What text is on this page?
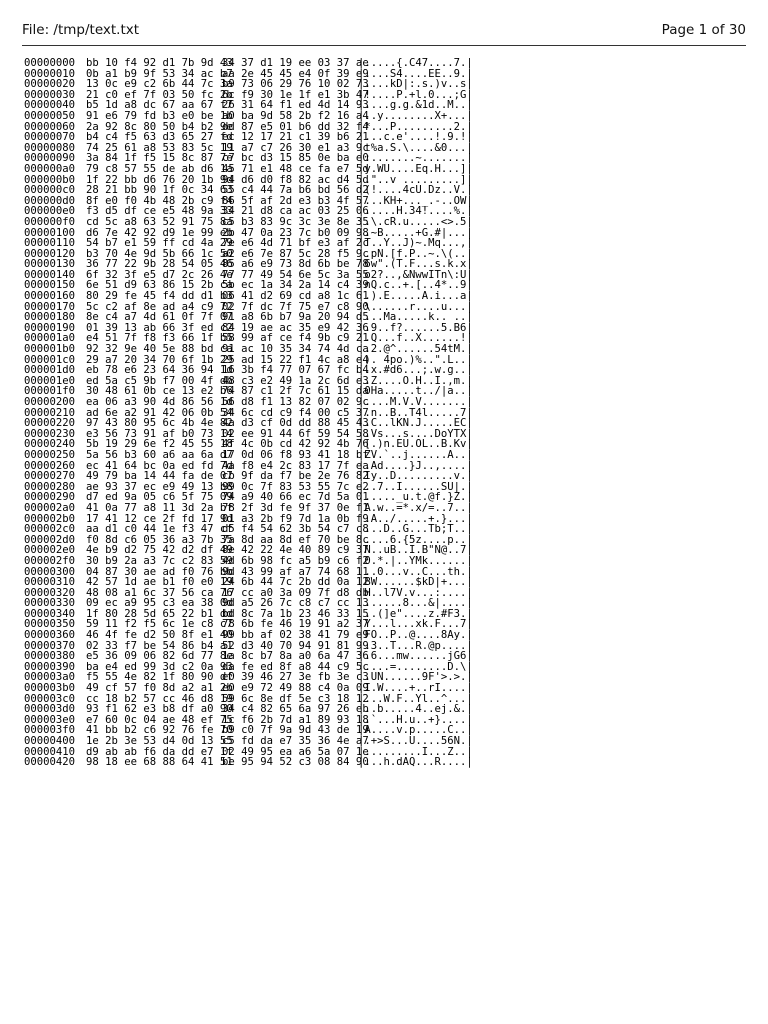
File: /tmp/text.txt	Page 1 of 30
00000000 bb 10 f4 92 d1 7b 9d 4334 37 d1 19 ee 03 37 ae|.....{.C47....7.|
00000010 0b a1 b9 9f 53 34 ac b7aa 2e 45 45 e4 0f 39 e9|....S4....EE..9.|
00000020 13 0c e9 c2 6b 44 7c 3ab9 73 06 29 76 10 02 73|....kD|:.s.)v..s|
00000030 21 c0 ef 7f 03 50 fc 2b6c f9 30 1e 1f e1 3b 47|!....P.+l.0...;G|
00000040 b5 1d a8 dc 67 aa 67 f726 31 64 f1 ed 4d 14 93|....g.g.&1d..M..|
00000050 91 e6 79 fd b3 e0 be 1ba0 ba 9d 58 2b f2 16 a4|..y........X+...|
00000060 2a 92 8c 80 50 b4 b2 9edd 87 e5 01 b6 dd 32 f4|*...P.........2.|
00000070 b4 c4 f5 63 d3 65 27 fdec 12 17 21 c1 39 b6 21|...c.e'....!.9.!|
00000080 74 25 61 a8 53 83 5c 1911 a7 c7 26 30 e1 a3 9c|t%a.S.\....&0...|
00000090 3a 84 1f f5 15 8c 87 7ec7 bc d3 15 85 0e ba e0|:.......~.......|
000000a0 79 c8 57 55 de ab d6 1a45 71 e1 48 ce fa e7 5d|y.WU....Eq.H...]|
000000b0 1f 22 bb d6 76 20 1b 9d94 d6 d0 f8 82 ac d4 5d|."..v .........]|
000000c0 28 21 bb 90 1f 0c 34 6355 c4 44 7a b6 bd 56 d2|(!....4cU.Dz..V.|
000000d0 8f e0 f0 4b 48 2b c9 f486 5f af 2d e3 b3 4f 57|...KH+..._.-..OW|
000000e0 f3 d5 df ce e5 48 9a 3334 21 d8 ca ac 03 25 06|.....H.34!....%.|
000000f0 cd 5c a8 63 52 91 75 8ac5 b3 83 9c 3c 3e 8e 35|.\.cR.u.....<>.5|
00000100 d6 7e 42 92 d9 1e 99 eb2b 47 0a 23 7c b0 09 98|.~B.....+G.#|...|
00000110 54 b7 e1 59 ff cd 4a 297e e6 4d 71 bf e3 af 2c|T..Y..J)~.Mq...,|
00000120 b3 70 4e 9d 5b 66 1c 50a2 e6 7e 87 5c 28 f5 9c|.pN.[f.P..~.\(..|
00000130 36 77 22 9b 28 54 05 4685 a6 e9 73 8d 6b be 78|6w".(T.F...s.k.x|
00000140 6f 32 3f e5 d7 2c 26 4e77 77 49 54 6e 5c 3a 55|o2?..,&NwwITn\:U|
00000150 6e 51 d9 63 86 15 2b ca5b ec 1a 34 2a 14 c4 39|nQ.c..+.[..4*..9|
00000160 80 29 fe 45 f4 dd d1 b306 41 d2 69 cd a8 1c 61|.).E.....A.i...a|
00000170 5c c2 af 8e ad a4 c9 7202 7f dc 7f 75 e7 c8 90|\......r....u...|
00000180 8e c4 a7 4d 61 0f 7f 0791 a8 6b b7 9a 20 94 d5|...Ma.....k.. ..|
00000190 01 39 13 ab 66 3f ed c284 19 ae ac 35 e9 42 36|.9..f?......5.B6|
000001a0 e4 51 7f f8 f3 66 1f b558 99 af ce f4 9b c9 21|.Q...f..X......!|
000001b0 92 32 9e 40 5e 88 bd ca91 ac 10 35 34 74 4d ca|.2.@^......54tM.|
000001c0 29 a7 20 34 70 6f 1b 2925 ad 15 22 f1 4c a8 e4|). 4po.)%..".L..|
000001d0 eb 78 e6 23 64 36 94 1d16 3b f4 77 07 67 fc b4|.x.#d6...;.w.g..|
000001e0 ed 5a c5 9b f7 00 4f db48 c3 e2 49 1a 2c 6d e3|.Z....O.H..I.,m.|
000001f0 30 48 61 0b ce 13 e2 b674 87 c1 2f 7c 61 15 da|0Ha.....t../|a..|
00000200 ea 06 a3 90 4d 86 56 1d56 d8 f1 13 82 07 02 9c|....M.V.V.......|
00000210 ad 6e a2 91 42 06 0b 5434 6c cd c9 f4 00 c5 37|.n..B..T4l.....7|
00000220 97 43 80 95 6c 4b 4e 824a d3 cf 0d dd 88 45 43|.C..lKN.J.....EC|
00000230 e3 56 73 91 af b0 73 1402 ee 91 44 6f 59 54 58|.Vs...s....DoYTX|
00000240 5b 19 29 6e f2 45 55 184f 4c 0b cd 42 92 4b 76|[.)n.EU.OL..B.Kv|
00000250 5a 56 b3 60 a6 aa 6a d717 0d 06 f8 93 41 18 bf|ZV.`..j......A..|
00000260 ec 41 64 bc 0a ed fd 7d4a f8 e4 2c 83 17 7f ea|.Ad....}J..,....|
00000270 49 79 ba 14 44 fa de 07cb 9f da f7 be 2e 76 82|Iy..D.........v.|
00000280 ae 93 37 ec e9 49 13 b899 0c 7f 83 53 55 7c e2|..7..I......SU|.|
00000290 d7 ed 9a 05 c6 5f 75 0974 a9 40 66 ec 7d 5a 01|....._u.t.@f.}Z.|
000002a0 41 0a 77 a8 11 3d 2a bf78 2f 3d fe 9f 37 0e f1|A.w..=*.x/=..7..|
000002b0 17 41 12 ce 2f fd 17 9d01 a3 2b f9 7d 1a 0b f9|.A../.....+.}...|
000002c0 aa d1 c0 44 1e f3 47 cfd5 f4 54 62 3b 54 c7 c8|...D..G...Tb;T..|
000002d0 f0 8d c6 05 36 a3 7b 357a 8d aa 8d ef 70 be 8c|....6.{5z....p..|
000002e0 4e b9 d2 75 42 d2 df 498e 42 22 4e 40 89 c9 37|N..uB..I.B"N@..7|
000002f0 30 b9 2a a3 7c c2 83 594d 6b 98 fc a5 b9 c6 f2|0.*.|..YMk......|
00000300 04 87 30 ae ad f0 76 bb9d 43 99 af a7 74 68 11|..0...v..C...th.|
00000310 42 57 1d ae b1 f0 e0 1924 6b 44 7c 2b dd 0a 12|BW......$kD|+...|
00000320 48 08 a1 6c 37 56 ca 7617 cc a0 3a 09 7f d8 db|H..l7V.v...:....|
00000330 09 ec a9 95 c3 ea 38 0d9d a5 26 7c c8 c7 cc 13|......8...&|....|
00000340 1f 80 28 5d 65 22 b1 ddbd 8c 7a 1b 23 46 33 15|..(]e"....z.#F3.|
00000350 59 11 f2 f5 6c 1e c8 c778 6b fe 46 19 91 a2 37|Y...l...xk.F...7|
00000360 46 4f fe d2 50 8f e1 4099 bb af 02 38 41 79 e9|FO..P..@....8Ay.|
00000370 02 33 f7 be 54 86 b4 a152 d3 40 70 94 91 81 99|.3..T...R.@p....|
00000380 e5 36 09 06 82 6d 77 8e1a 8c b7 8a a0 6a 47 36|.6...mw......jG6|
00000390 ba e4 ed 99 3d c2 0a 93da fe ed 8f a8 44 c9 5c|....=........D.\|
000003a0 f5 55 4e 82 1f 80 90 dfe0 39 46 27 3e fb 3e c3|.UN......9F'>.>.|
000003b0 49 cf 57 f0 8d a2 a1 2be0 e9 72 49 88 c4 0a 09|I.W....+..rI....|
000003c0 cc 18 b2 57 cc 46 d8 1959 6c 8e df 5e c3 18 12|...W.F..Yl..^...|
000003d0 93 f1 62 e3 b8 df a0 9034 c4 82 65 6a 97 26 eb|..b.....4..ej.&.|
000003e0 e7 60 0c 04 ae 48 ef 751c f6 2b 7d a1 89 93 18|.`...H.u..+}....|
000003f0 41 bb b2 c6 92 76 fe 70b9 c0 7f 9a 9d 43 de 19|A....v.p.....C..|
00000400 1e 2b 3e 53 d4 0d 13 55c5 fd da e7 35 36 4e a7|.+>S...U....56N.|
00000410 d9 ab ab f6 da dd e7 1f02 49 95 ea a6 5a 07 1e|.........I...Z..|
00000420 98 18 ee 68 88 64 41 51be 95 94 52 c3 08 84 90|...h.dAQ...R....|
